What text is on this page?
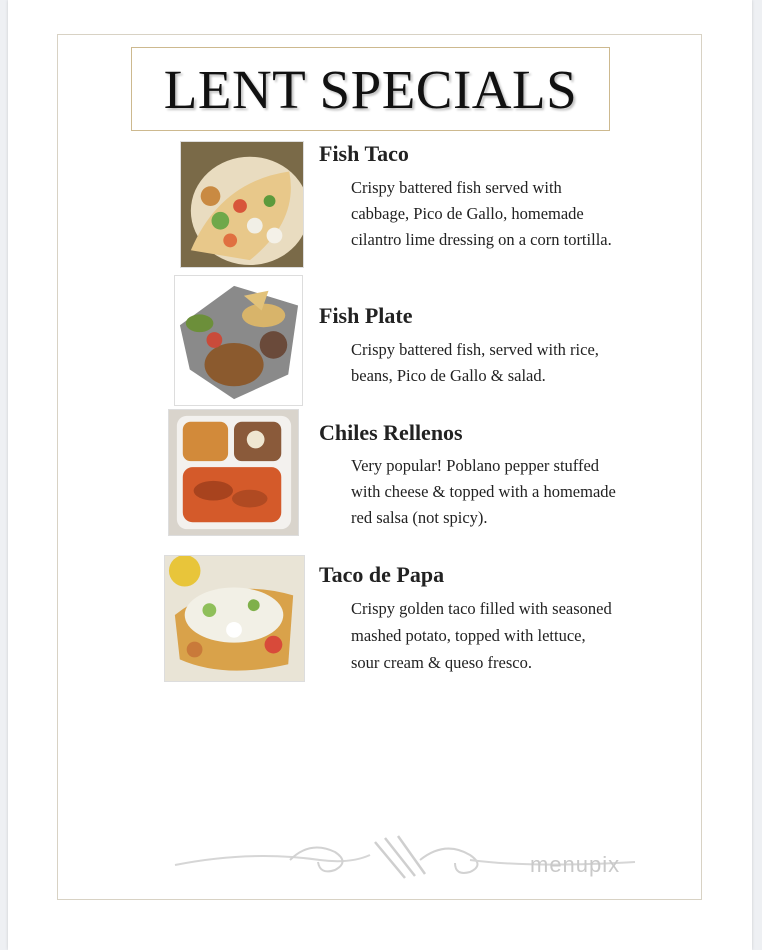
LENT SPECIALS
Fish Taco
Crispy battered fish served with cabbage, Pico de Gallo, homemade cilantro lime dressing on a corn tortilla.
Fish Plate
Crispy battered fish, served with rice, beans, Pico de Gallo & salad.
Chiles Rellenos
Very popular! Poblano pepper stuffed with cheese & topped with a homemade red salsa (not spicy).
Taco de Papa
Crispy golden taco filled with seasoned mashed potato, topped with lettuce, sour cream & queso fresco.
menupix
